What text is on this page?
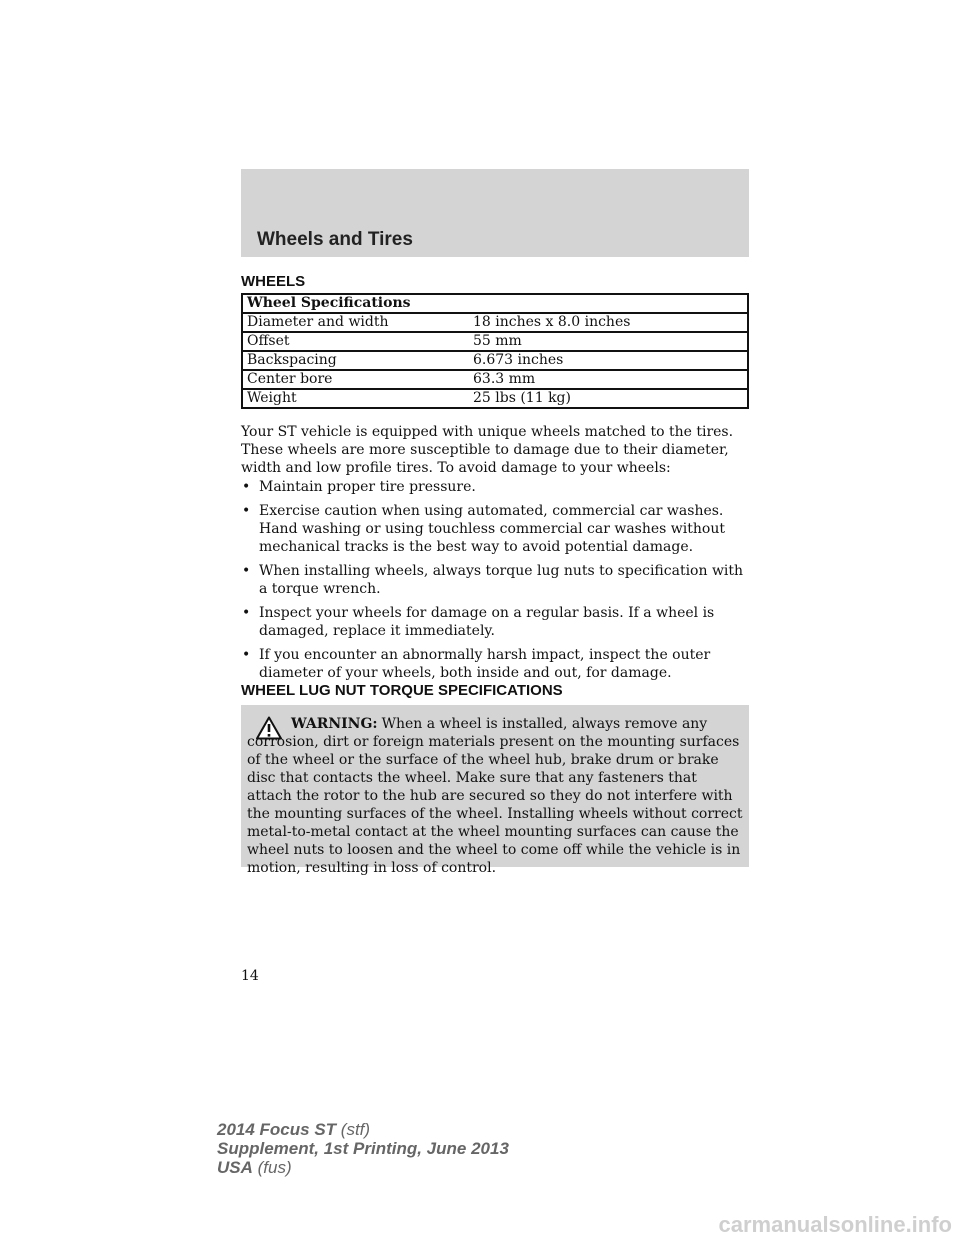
Wheels and Tires
WHEELS
Wheel Specifications	
Diameter and width	18 inches x 8.0 inches
Offset	55 mm
Backspacing	6.673 inches
Center bore	63.3 mm
Weight	25 lbs (11 kg)

Your ST vehicle is equipped with unique wheels matched to the tires. These wheels are more susceptible to damage due to their diameter, width and low profile tires. To avoid damage to your wheels:

• Maintain proper tire pressure.
• Exercise caution when using automated, commercial car washes. Hand washing or using touchless commercial car washes without mechanical tracks is the best way to avoid potential damage.
• When installing wheels, always torque lug nuts to specification with a torque wrench.
• Inspect your wheels for damage on a regular basis. If a wheel is damaged, replace it immediately.
• If you encounter an abnormally harsh impact, inspect the outer diameter of your wheels, both inside and out, for damage.
WHEEL LUG NUT TORQUE SPECIFICATIONS

WARNING: When a wheel is installed, always remove any corrosion, dirt or foreign materials present on the mounting surfaces of the wheel or the surface of the wheel hub, brake drum or brake disc that contacts the wheel. Make sure that any fasteners that attach the rotor to the hub are secured so they do not interfere with the mounting surfaces of the wheel. Installing wheels without correct metal-to-metal contact at the wheel mounting surfaces can cause the wheel nuts to loosen and the wheel to come off while the vehicle is in motion, resulting in loss of control.

14
2014 Focus ST (stf)
Supplement, 1st Printing, June 2013
USA (fus)
carmanualsonline.info
